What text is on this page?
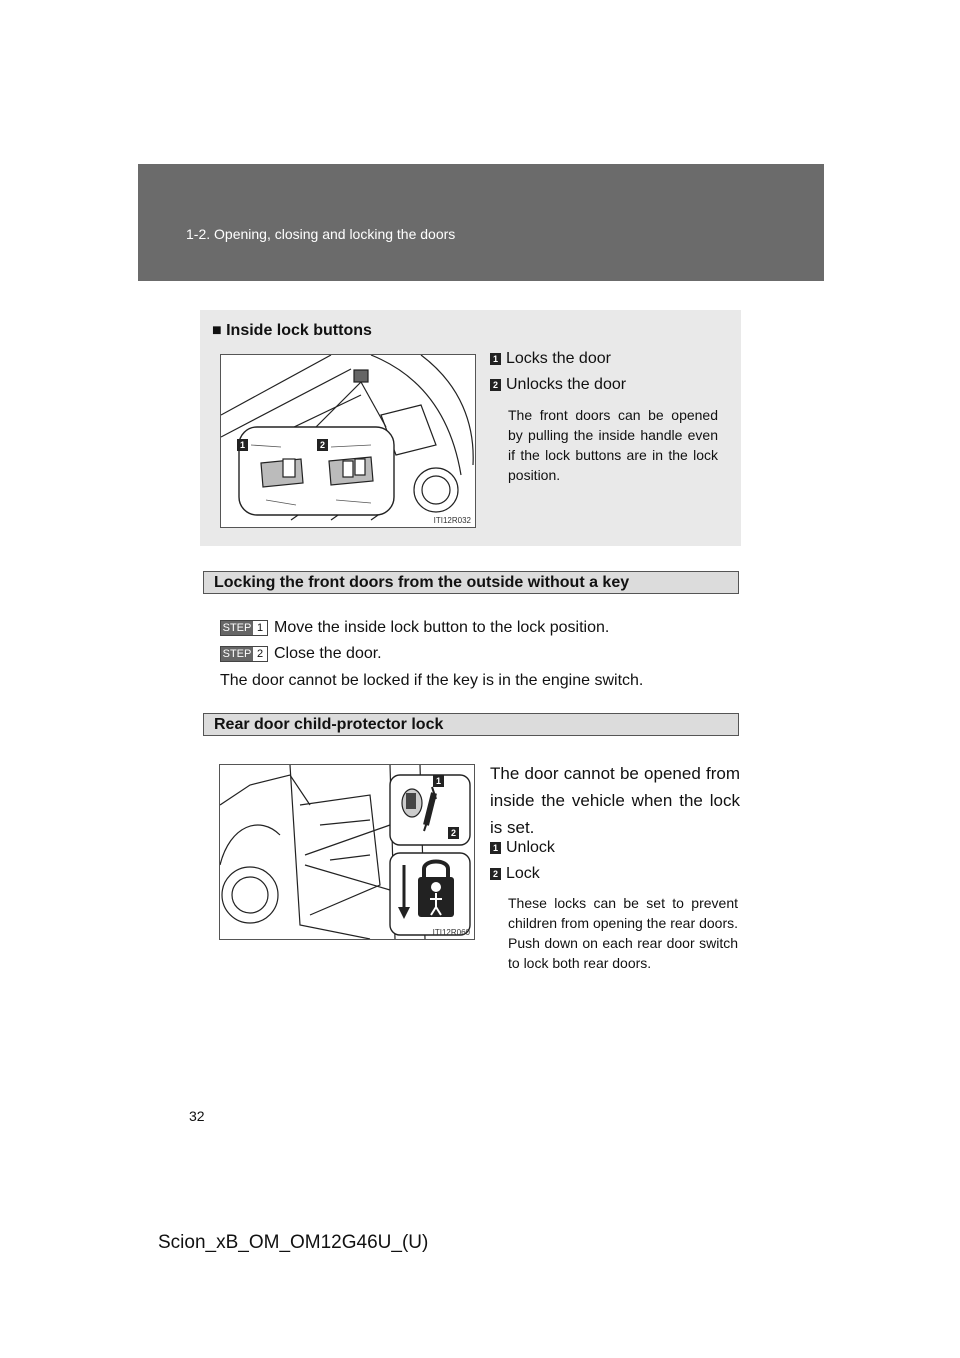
1-2. Opening, closing and locking the doors
■ Inside lock buttons
1	2
ITI12R032
1 Locks the door
2 Unlocks the door
The front doors can be opened by pulling the inside handle even if the lock buttons are in the lock position.
Locking the front doors from the outside without a key
STEP 1 Move the inside lock button to the lock position.
STEP 2 Close the door.
The door cannot be locked if the key is in the engine switch.
Rear door child-protector lock
1
2
ITI12R060
The door cannot be opened from inside the vehicle when the lock is set.
1 Unlock
2 Lock
These locks can be set to prevent children from opening the rear doors. Push down on each rear door switch to lock both rear doors.
32
Scion_xB_OM_OM12G46U_(U)
